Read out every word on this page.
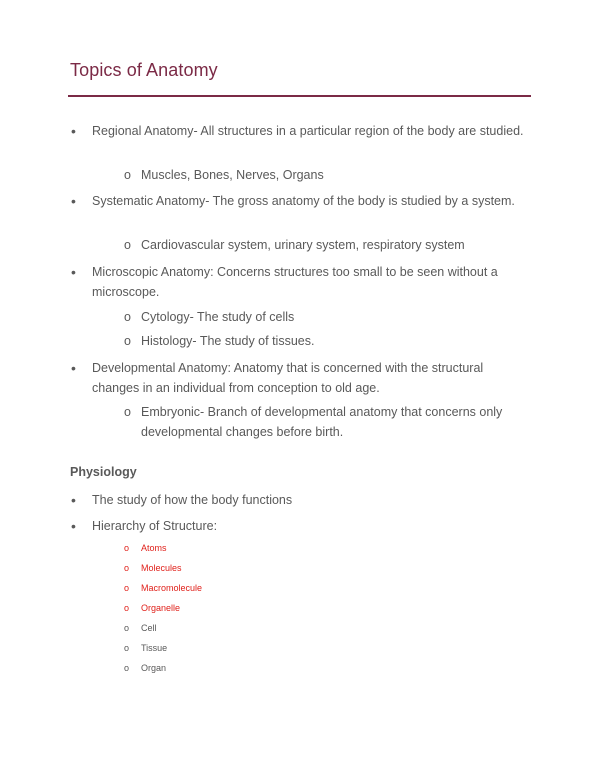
Topics of Anatomy
• Regional Anatomy- All structures in a particular region of the body are studied.
o Muscles, Bones, Nerves, Organs
• Systematic Anatomy- The gross anatomy of the body is studied by a system.
o Cardiovascular system, urinary system, respiratory system
• Microscopic Anatomy: Concerns structures too small to be seen without a microscope.
o Cytology- The study of cells
o Histology- The study of tissues.
• Developmental Anatomy: Anatomy that is concerned with the structural changes in an individual from conception to old age.
o Embryonic- Branch of developmental anatomy that concerns only developmental changes before birth.
Physiology
• The study of how the body functions
• Hierarchy of Structure:
o Atoms
o Molecules
o Macromolecule
o Organelle
o Cell
o Tissue
o Organ
